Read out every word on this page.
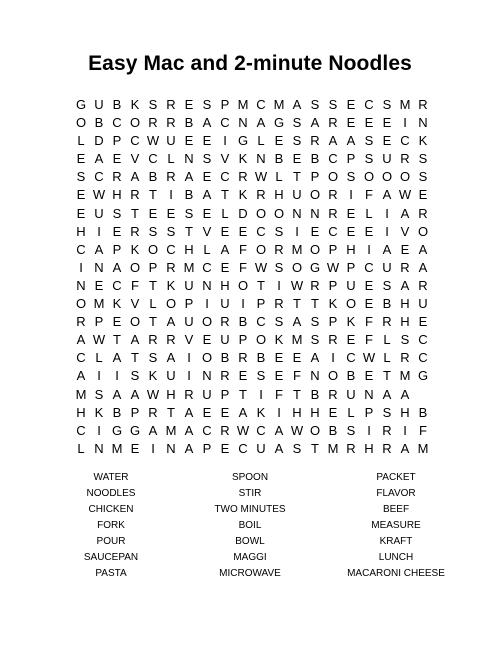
Easy Mac and 2-minute Noodles
G U B K S R E S P M C M A S S E C S M R
O B C O R R B A C N A G S A R E E E I N
L D P C W U E E I G L E S R A A S E C K
E A E V C L N S V K N B E B C P S U R S
S C R A B R A E C R W L T P O S O O O S
E W H R T I B A T K R H U O R I F A W E
E U S T E E S E L D O O N N R E L I A R
H I E R S S T V E E C S I E C E E I V O
C A P K O C H L A F O R M O P H I A E A
I N A O P R M C E F W S O G W P C U R A
N E C F T K U N H O T I W R P U E S A R
O M K V L O P I U I P R T T K O E B H U
R P E O T A U O R B C S A S P K F R H E
A W T A R R V E U P O K M S R E F L S C
C L A T S A I O B R B E E A I C W L R C
A I	I S K U I N R E S E F N O B E T M G
M S A A W H R U P T I F T B R U N A A
H K B P R T A E E A K I H H E L P S H B
C I G G A M A C R W C A W O B S I R I F
L N M E I N A P E C U A S T M R H R A M
WATER	SPOON	PACKET
NOODLES	STIR	FLAVOR
CHICKEN	TWO MINUTES	BEEF
FORK	BOIL	MEASURE
POUR	BOWL	KRAFT
SAUCEPAN	MAGGI	LUNCH
PASTA	MICROWAVE	MACARONI CHEESE
